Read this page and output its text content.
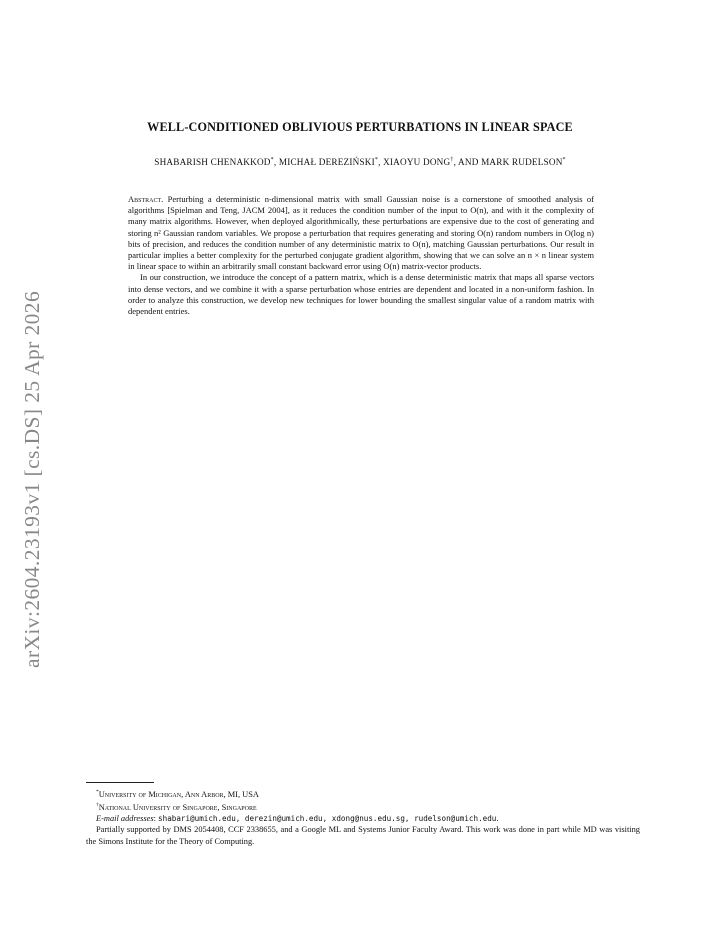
arXiv:2604.23193v1 [cs.DS] 25 Apr 2026
WELL-CONDITIONED OBLIVIOUS PERTURBATIONS IN LINEAR SPACE
SHABARISH CHENAKKOD*, MICHAŁ DEREZIŃSKI*, XIAOYU DONG†, AND MARK RUDELSON*

Abstract. Perturbing a deterministic n-dimensional matrix with small Gaussian noise is a cornerstone of smoothed analysis of algorithms [Spielman and Teng, JACM 2004], as it reduces the condition number of the input to O(n), and with it the complexity of many matrix algorithms. However, when deployed algorithmically, these perturbations are expensive due to the cost of generating and storing n² Gaussian random variables. We propose a perturbation that requires generating and storing O(n) random numbers in O(log n) bits of precision, and reduces the condition number of any deterministic matrix to O(n), matching Gaussian perturbations. Our result in particular implies a better complexity for the perturbed conjugate gradient algorithm, showing that we can solve an n × n linear system in linear space to within an arbitrarily small constant backward error using O(n) matrix-vector products.

In our construction, we introduce the concept of a pattern matrix, which is a dense deterministic matrix that maps all sparse vectors into dense vectors, and we combine it with a sparse perturbation whose entries are dependent and located in a non-uniform fashion. In order to analyze this construction, we develop new techniques for lower bounding the smallest singular value of a random matrix with dependent entries.

*University of Michigan, Ann Arbor, MI, USA
†National University of Singapore, Singapore
E-mail addresses: shabari@umich.edu, derezin@umich.edu, xdong@nus.edu.sg, rudelson@umich.edu.
Partially supported by DMS 2054408, CCF 2338655, and a Google ML and Systems Junior Faculty Award. This work was done in part while MD was visiting the Simons Institute for the Theory of Computing.
